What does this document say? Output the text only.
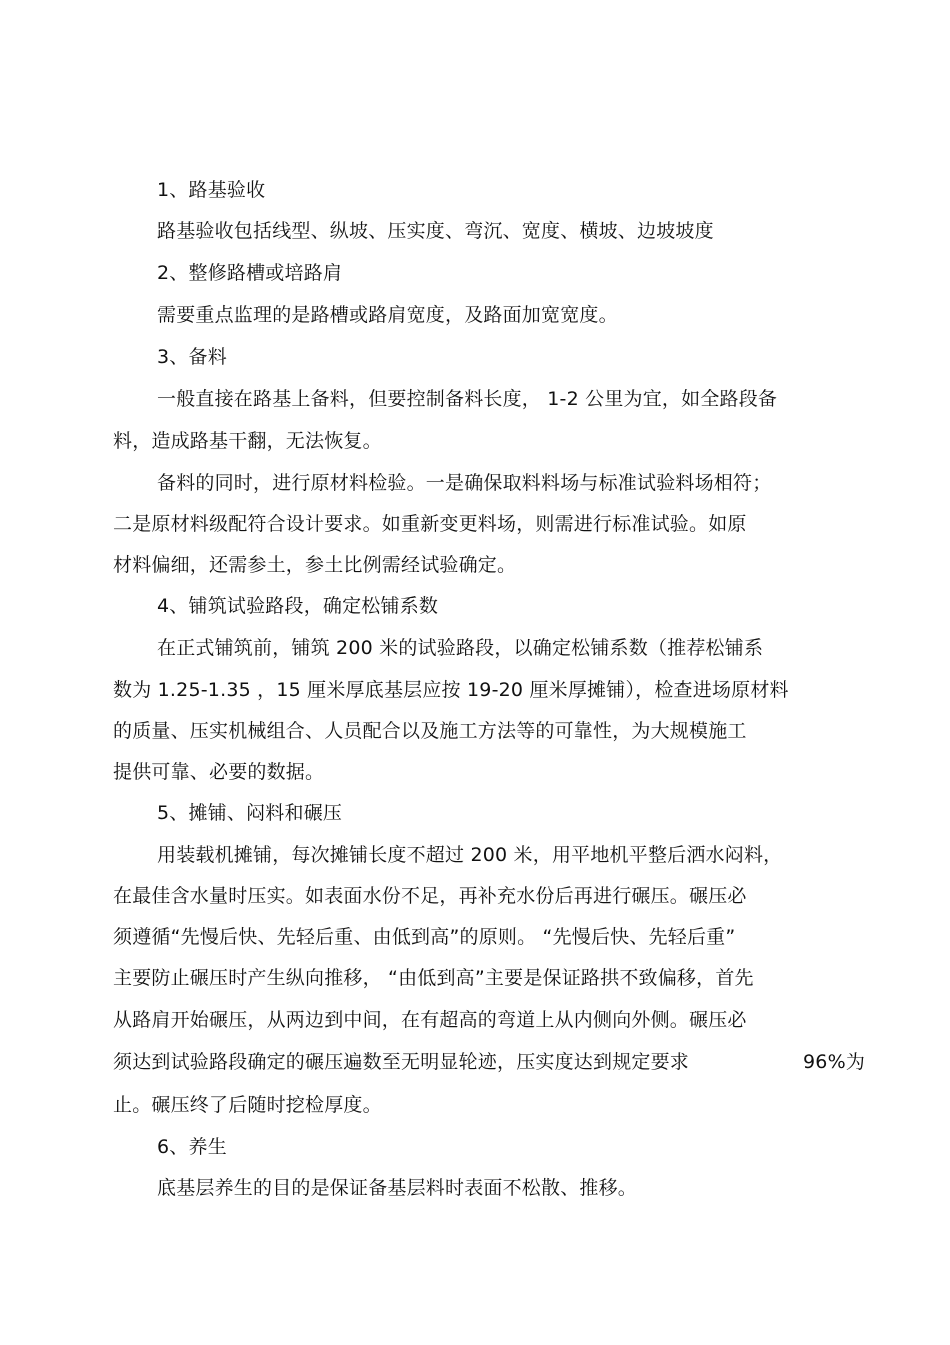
1、路基验收
路基验收包括线型、纵坡、压实度、弯沉、宽度、横坡、边坡坡度
2、整修路槽或培路肩
需要重点监理的是路槽或路肩宽度，及路面加宽宽度。
3、备料
一般直接在路基上备料，但要控制备料长度， 1-2 公里为宜，如全路段备
料，造成路基干翻，无法恢复。
备料的同时，进行原材料检验。一是确保取料料场与标准试验料场相符；
二是原材料级配符合设计要求。如重新变更料场，则需进行标准试验。如原
材料偏细，还需参土，参土比例需经试验确定。
4、铺筑试验路段，确定松铺系数
在正式铺筑前，铺筑 200 米的试验路段，以确定松铺系数（推荐松铺系
数为 1.25-1.35 ，15 厘米厚底基层应按 19-20 厘米厚摊铺），检查进场原材料
的质量、压实机械组合、人员配合以及施工方法等的可靠性，为大规模施工
提供可靠、必要的数据。
5、摊铺、闷料和碾压
用装载机摊铺，每次摊铺长度不超过 200 米，用平地机平整后洒水闷料，
在最佳含水量时压实。如表面水份不足，再补充水份后再进行碾压。碾压必
须遵循“先慢后快、先轻后重、由低到高”的原则。 “先慢后快、先轻后重”
主要防止碾压时产生纵向推移， “由低到高”主要是保证路拱不致偏移，首先
从路肩开始碾压，从两边到中间，在有超高的弯道上从内侧向外侧。碾压必
须达到试验路段确定的碾压遍数至无明显轮迹，压实度达到规定要求	96%为
止。碾压终了后随时挖检厚度。
6、养生
底基层养生的目的是保证备基层料时表面不松散、推移。
